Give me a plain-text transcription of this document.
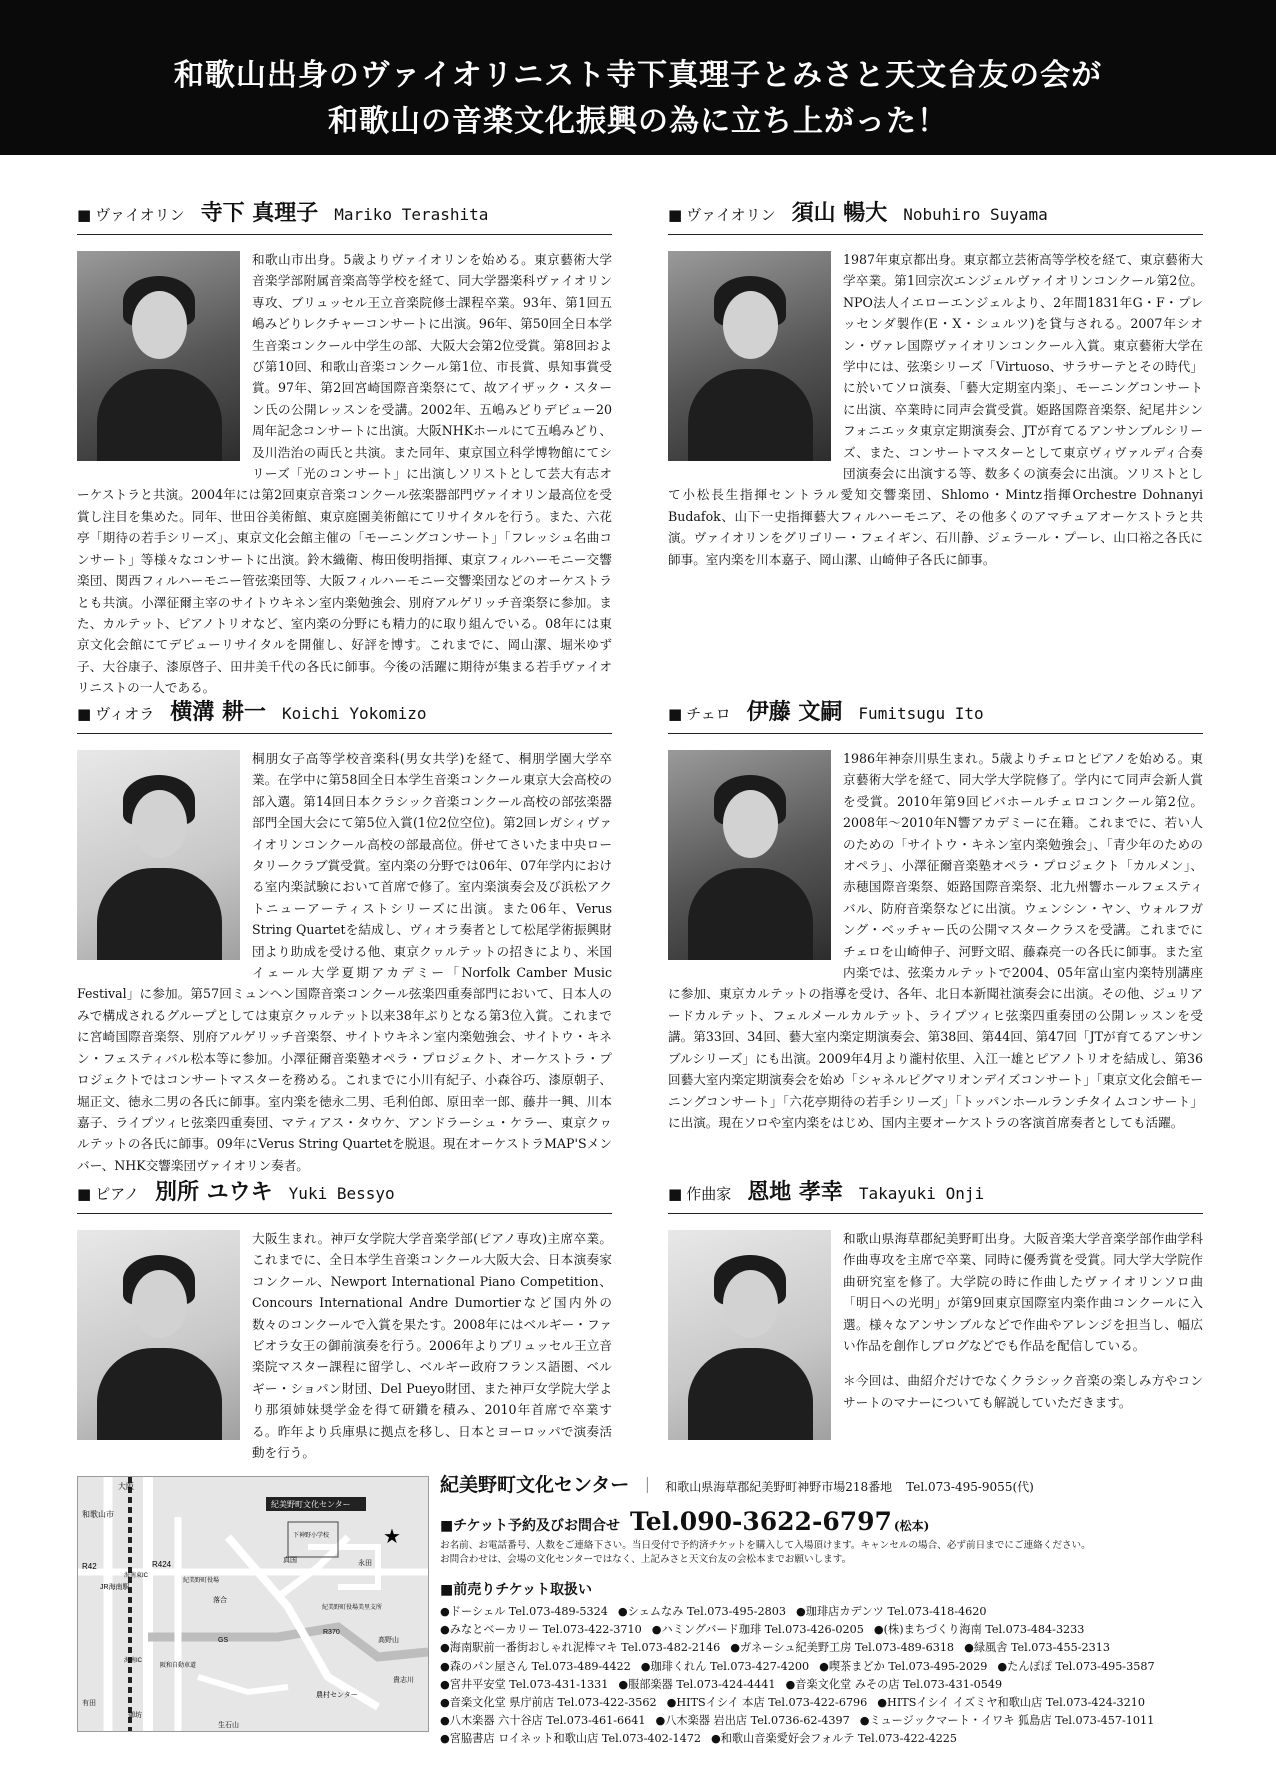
和歌山出身のヴァイオリニスト寺下真理子とみさと天文台友の会が
和歌山の音楽文化振興の為に立ち上がった！
■ ヴァイオリン 寺下 真理子 Mariko Terashita
和歌山市出身。5歳よりヴァイオリンを始める。東京藝術大学音楽学部附属音楽高等学校を経て、同大学器楽科ヴァイオリン専攻、ブリュッセル王立音楽院修士課程卒業。93年、第1回五嶋みどりレクチャーコンサートに出演。96年、第50回全日本学生音楽コンクール中学生の部、大阪大会第2位受賞。第8回および第10回、和歌山音楽コンクール第1位、市長賞、県知事賞受賞。97年、第2回宮崎国際音楽祭にて、故アイザック・スターン氏の公開レッスンを受講。2002年、五嶋みどりデビュー20周年記念コンサートに出演。大阪NHKホールにて五嶋みどり、及川浩治の両氏と共演。また同年、東京国立科学博物館にてシリーズ「光のコンサート」に出演しソリストとして芸大有志オーケストラと共演。2004年には第2回東京音楽コンクール弦楽器部門ヴァイオリン最高位を受賞し注目を集めた。同年、世田谷美術館、東京庭園美術館にてリサイタルを行う。また、六花亭「期待の若手シリーズ」、東京文化会館主催の「モーニングコンサート」「フレッシュ名曲コンサート」等様々なコンサートに出演。鈴木織衛、梅田俊明指揮、東京フィルハーモニー交響楽団、関西フィルハーモニー管弦楽団等、大阪フィルハーモニー交響楽団などのオーケストラとも共演。小澤征爾主宰のサイトウキネン室内楽勉強会、別府アルゲリッチ音楽祭に参加。また、カルテット、ピアノトリオなど、室内楽の分野にも精力的に取り組んでいる。08年には東京文化会館にてデビューリサイタルを開催し、好評を博す。これまでに、岡山潔、堀米ゆず子、大谷康子、漆原啓子、田井美千代の各氏に師事。今後の活躍に期待が集まる若手ヴァイオリニストの一人である。
■ ヴァイオリン 須山 暢大 Nobuhiro Suyama
1987年東京都出身。東京都立芸術高等学校を経て、東京藝術大学卒業。第1回宗次エンジェルヴァイオリンコンクール第2位。NPO法人イエローエンジェルより、2年間1831年G・F・プレッセンダ製作(E・X・シュルツ)を貸与される。2007年シオン・ヴァレ国際ヴァイオリンコンクール入賞。東京藝術大学在学中には、弦楽シリーズ「Virtuoso、サラサーテとその時代」に於いてソロ演奏、「藝大定期室内楽」、モーニングコンサートに出演、卒業時に同声会賞受賞。姫路国際音楽祭、紀尾井シンフォニエッタ東京定期演奏会、JTが育てるアンサンブルシリーズ、また、コンサートマスターとして東京ヴィヴァルディ合奏団演奏会に出演する等、数多くの演奏会に出演。ソリストとして小松長生指揮セントラル愛知交響楽団、Shlomo・Mintz指揮Orchestre Dohnanyi Budafok、山下一史指揮藝大フィルハーモニア、その他多くのアマチュアオーケストラと共演。ヴァイオリンをグリゴリー・フェイギン、石川静、ジェラール・プーレ、山口裕之各氏に師事。室内楽を川本嘉子、岡山潔、山崎伸子各氏に師事。
■ ヴィオラ 横溝 耕一 Koichi Yokomizo
桐朋女子高等学校音楽科(男女共学)を経て、桐朋学園大学卒業。在学中に第58回全日本学生音楽コンクール東京大会高校の部入選。第14回日本クラシック音楽コンクール高校の部弦楽器部門全国大会にて第5位入賞(1位2位空位)。第2回レガシィヴァイオリンコンクール高校の部最高位。併せてさいたま中央ロータリークラブ賞受賞。室内楽の分野では06年、07年学内における室内楽試験において首席で修了。室内楽演奏会及び浜松アクトニューアーティストシリーズに出演。また06年、Verus String Quartetを結成し、ヴィオラ奏者として松尾学術振興財団より助成を受ける他、東京クヮルテットの招きにより、米国イェール大学夏期アカデミー「Norfolk Camber Music Festival」に参加。第57回ミュンヘン国際音楽コンクール弦楽四重奏部門において、日本人のみで構成されるグループとしては東京クヮルテット以来38年ぶりとなる第3位入賞。これまでに宮崎国際音楽祭、別府アルゲリッチ音楽祭、サイトウキネン室内楽勉強会、サイトウ・キネン・フェスティバル松本等に参加。小澤征爾音楽塾オペラ・プロジェクト、オーケストラ・プロジェクトではコンサートマスターを務める。これまでに小川有紀子、小森谷巧、漆原朝子、堀正文、徳永二男の各氏に師事。室内楽を徳永二男、毛利伯郎、原田幸一郎、藤井一興、川本嘉子、ライプツィヒ弦楽四重奏団、マティアス・タウケ、アンドラーシュ・ケラー、東京クヮルテットの各氏に師事。09年にVerus String Quartetを脱退。現在オーケストラMAP'Sメンバー、NHK交響楽団ヴァイオリン奏者。
■ チェロ 伊藤 文嗣 Fumitsugu Ito
1986年神奈川県生まれ。5歳よりチェロとピアノを始める。東京藝術大学を経て、同大学大学院修了。学内にて同声会新人賞を受賞。2010年第9回ビバホールチェロコンクール第2位。2008年〜2010年N響アカデミーに在籍。これまでに、若い人のための「サイトウ・キネン室内楽勉強会」、「青少年のためのオペラ」、小澤征爾音楽塾オペラ・プロジェクト「カルメン」、赤穂国際音楽祭、姫路国際音楽祭、北九州響ホールフェスティバル、防府音楽祭などに出演。ウェンシン・ヤン、ウォルフガング・ベッチャー氏の公開マスタークラスを受講。これまでにチェロを山崎伸子、河野文昭、藤森亮一の各氏に師事。また室内楽では、弦楽カルテットで2004、05年富山室内楽特別講座に参加、東京カルテットの指導を受け、各年、北日本新聞社演奏会に出演。その他、ジュリアードカルテット、フェルメールカルテット、ライプツィヒ弦楽四重奏団の公開レッスンを受講。第33回、34回、藝大室内楽定期演奏会、第38回、第44回、第47回「JTが育てるアンサンブルシリーズ」にも出演。2009年4月より瀧村依里、入江一雄とピアノトリオを結成し、第36回藝大室内楽定期演奏会を始め「シャネルピグマリオンデイズコンサート」「東京文化会館モーニングコンサート」「六花亭期待の若手シリーズ」「トッパンホールランチタイムコンサート」に出演。現在ソロや室内楽をはじめ、国内主要オーケストラの客演首席奏者としても活躍。
■ ピアノ 別所 ユウキ Yuki Bessyo
大阪生まれ。神戸女学院大学音楽学部(ピアノ専攻)主席卒業。これまでに、全日本学生音楽コンクール大阪大会、日本演奏家コンクール、Newport International Piano Competition、Concours International Andre Dumortierなど国内外の数々のコンクールで入賞を果たす。2008年にはベルギー・ファビオラ女王の御前演奏を行う。2006年よりブリュッセル王立音楽院マスター課程に留学し、ベルギー政府フランス語圏、ベルギー・ショパン財団、Del Pueyo財団、また神戸女学院大学より那須姉妹奨学金を得て研鑽を積み、2010年首席で卒業する。昨年より兵庫県に拠点を移し、日本とヨーロッパで演奏活動を行う。
■ 作曲家 恩地 孝幸 Takayuki Onji
和歌山県海草郡紀美野町出身。大阪音楽大学音楽学部作曲学科作曲専攻を主席で卒業、同時に優秀賞を受賞。同大学大学院作曲研究室を修了。大学院の時に作曲したヴァイオリンソロ曲「明日への光明」が第9回東京国際室内楽作曲コンクールに入選。様々なアンサンブルなどで作曲やアレンジを担当し、幅広い作品を創作しブログなどでも作品を配信している。
＊今回は、曲紹介だけでなくクラシック音楽の楽しみ方やコンサートのマナーについても解説していただきます。
★
紀美野町文化センター
和歌山市
大阪
R42	R424
JR海南駅
海南東IC
海南IC
紀美野町役場
落合
真国
下神野小学校
永田
紀美野町役場美里支所
高野山
R370
貴志川
阪和自動車道
有田
御坊
農村センター
生石山
GS
紀美野町文化センター ｜ 和歌山県海草郡紀美野町神野市場218番地 Tel.073-495-9055(代)
■チケット予約及びお問合せ Tel.090-3622-6797 (松本)
お名前、お電話番号、人数をご連絡下さい。当日受付で予約済チケットを購入して入場頂けます。キャンセルの場合、必ず前日までにご連絡ください。
お問合わせは、会場の文化センターではなく、上記みさと天文台友の会松本までお願いします。
■前売りチケット取扱い
●ドーシェル Tel.073-489-5324 ●シェムなみ Tel.073-495-2803 ●珈琲店カデンツ Tel.073-418-4620
●みなとベーカリー Tel.073-422-3710 ●ハミングバード珈琲 Tel.073-426-0205 ●(株)まちづくり海南 Tel.073-484-3233
●海南駅前一番街おしゃれ泥棒マキ Tel.073-482-2146 ●ガネーシュ紀美野工房 Tel.073-489-6318 ●緑風舎 Tel.073-455-2313
●森のパン屋さん Tel.073-489-4422 ●珈琲くれん Tel.073-427-4200 ●喫茶まどか Tel.073-495-2029 ●たんぽぽ Tel.073-495-3587
●宮井平安堂 Tel.073-431-1331 ●服部楽器 Tel.073-424-4441 ●音楽文化堂 みその店 Tel.073-431-0549
●音楽文化堂 県庁前店 Tel.073-422-3562 ●HITSイシイ 本店 Tel.073-422-6796 ●HITSイシイ イズミヤ和歌山店 Tel.073-424-3210
●八木楽器 六十谷店 Tel.073-461-6641 ●八木楽器 岩出店 Tel.0736-62-4397 ●ミュージックマート・イワキ 狐島店 Tel.073-457-1011
●宮脇書店 ロイネット和歌山店 Tel.073-402-1472 ●和歌山音楽愛好会フォルテ Tel.073-422-4225
